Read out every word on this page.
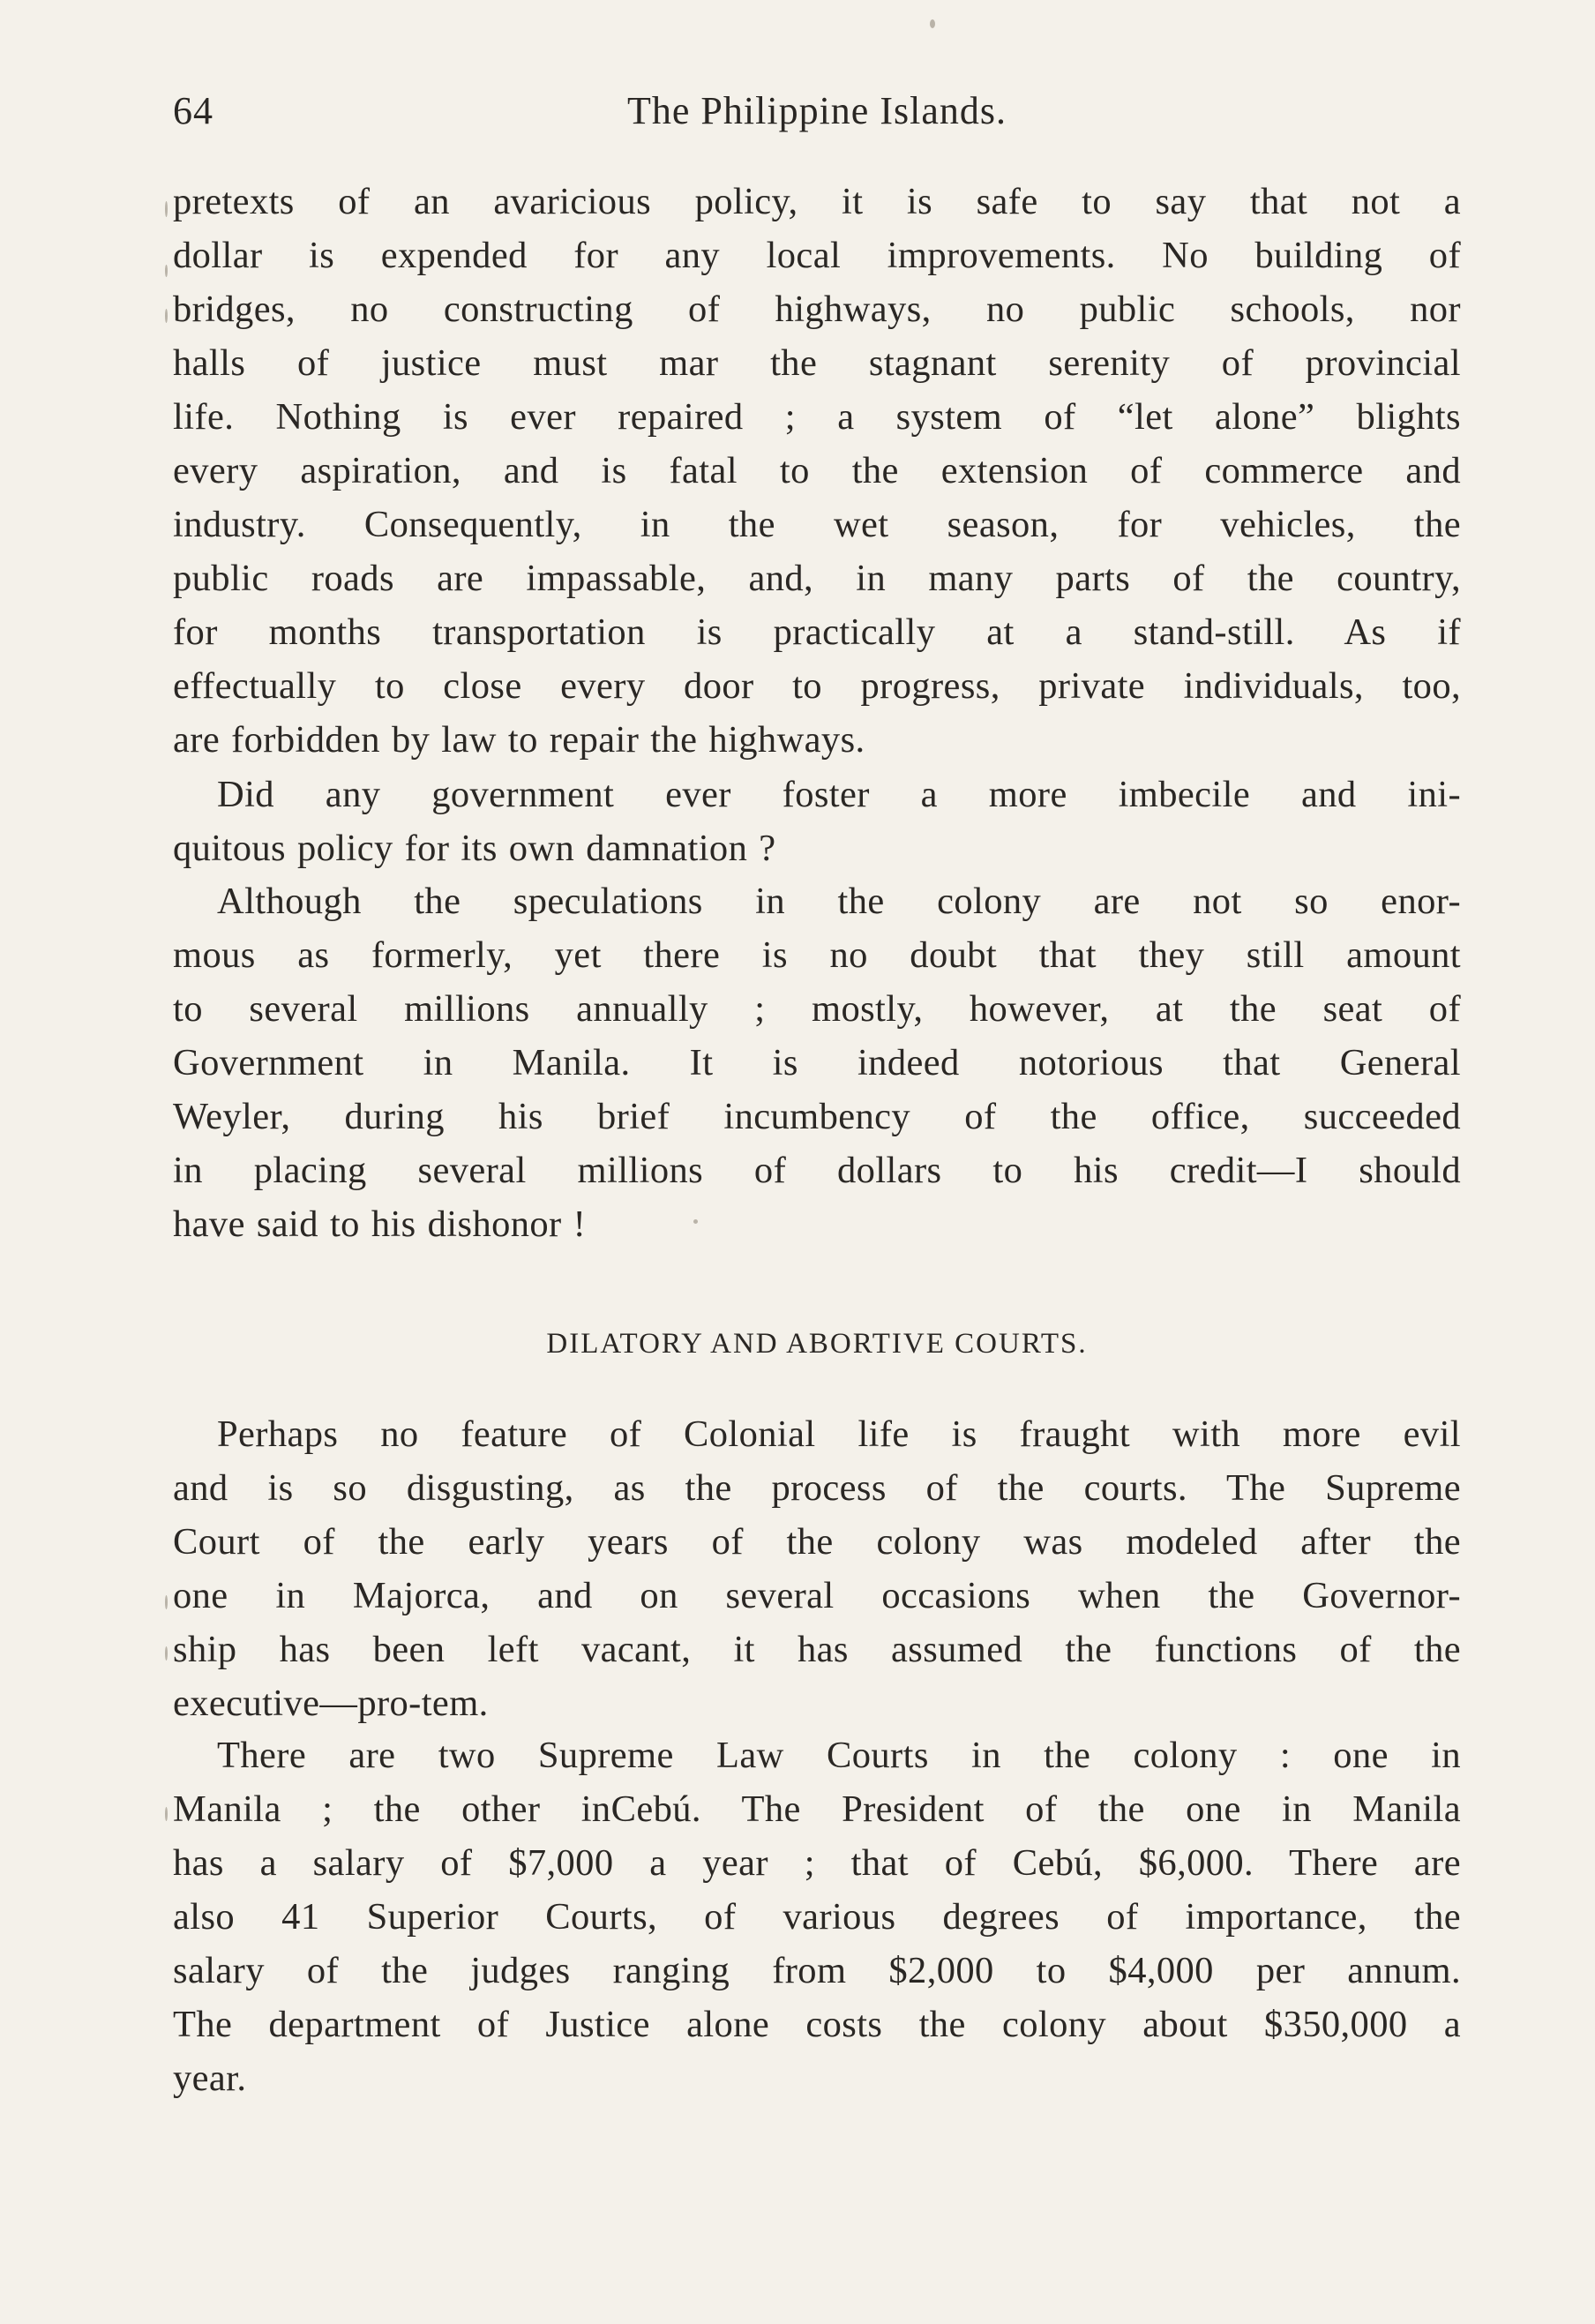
64	The Philippine Islands.
pretexts of an avaricious policy, it is safe to say that not a
dollar is expended for any local improvements. No building of
bridges, no constructing of highways, no public schools, nor
halls of justice must mar the stagnant serenity of provincial
life. Nothing is ever repaired ; a system of “let alone” blights
every aspiration, and is fatal to the extension of commerce and
industry. Consequently, in the wet season, for vehicles, the
public roads are impassable, and, in many parts of the country,
for months transportation is practically at a stand-still. As if
effectually to close every door to progress, private individuals, too,
are forbidden by law to repair the highways.
Did any government ever foster a more imbecile and ini-
quitous policy for its own damnation ?
Although the speculations in the colony are not so enor-
mous as formerly, yet there is no doubt that they still amount
to several millions annually ; mostly, however, at the seat of
Government in Manila. It is indeed notorious that General
Weyler, during his brief incumbency of the office, succeeded
in placing several millions of dollars to his credit—I should
have said to his dishonor !
DILATORY AND ABORTIVE COURTS.
Perhaps no feature of Colonial life is fraught with more evil
and is so disgusting, as the process of the courts. The Supreme
Court of the early years of the colony was modeled after the
one in Majorca, and on several occasions when the Governor-
ship has been left vacant, it has assumed the functions of the
executive—pro-tem.
There are two Supreme Law Courts in the colony : one in
Manila ; the other inCebú. The President of the one in Manila
has a salary of $7,000 a year ; that of Cebú, $6,000. There are
also 41 Superior Courts, of various degrees of importance, the
salary of the judges ranging from $2,000 to $4,000 per annum.
The department of Justice alone costs the colony about $350,000 a
year.
